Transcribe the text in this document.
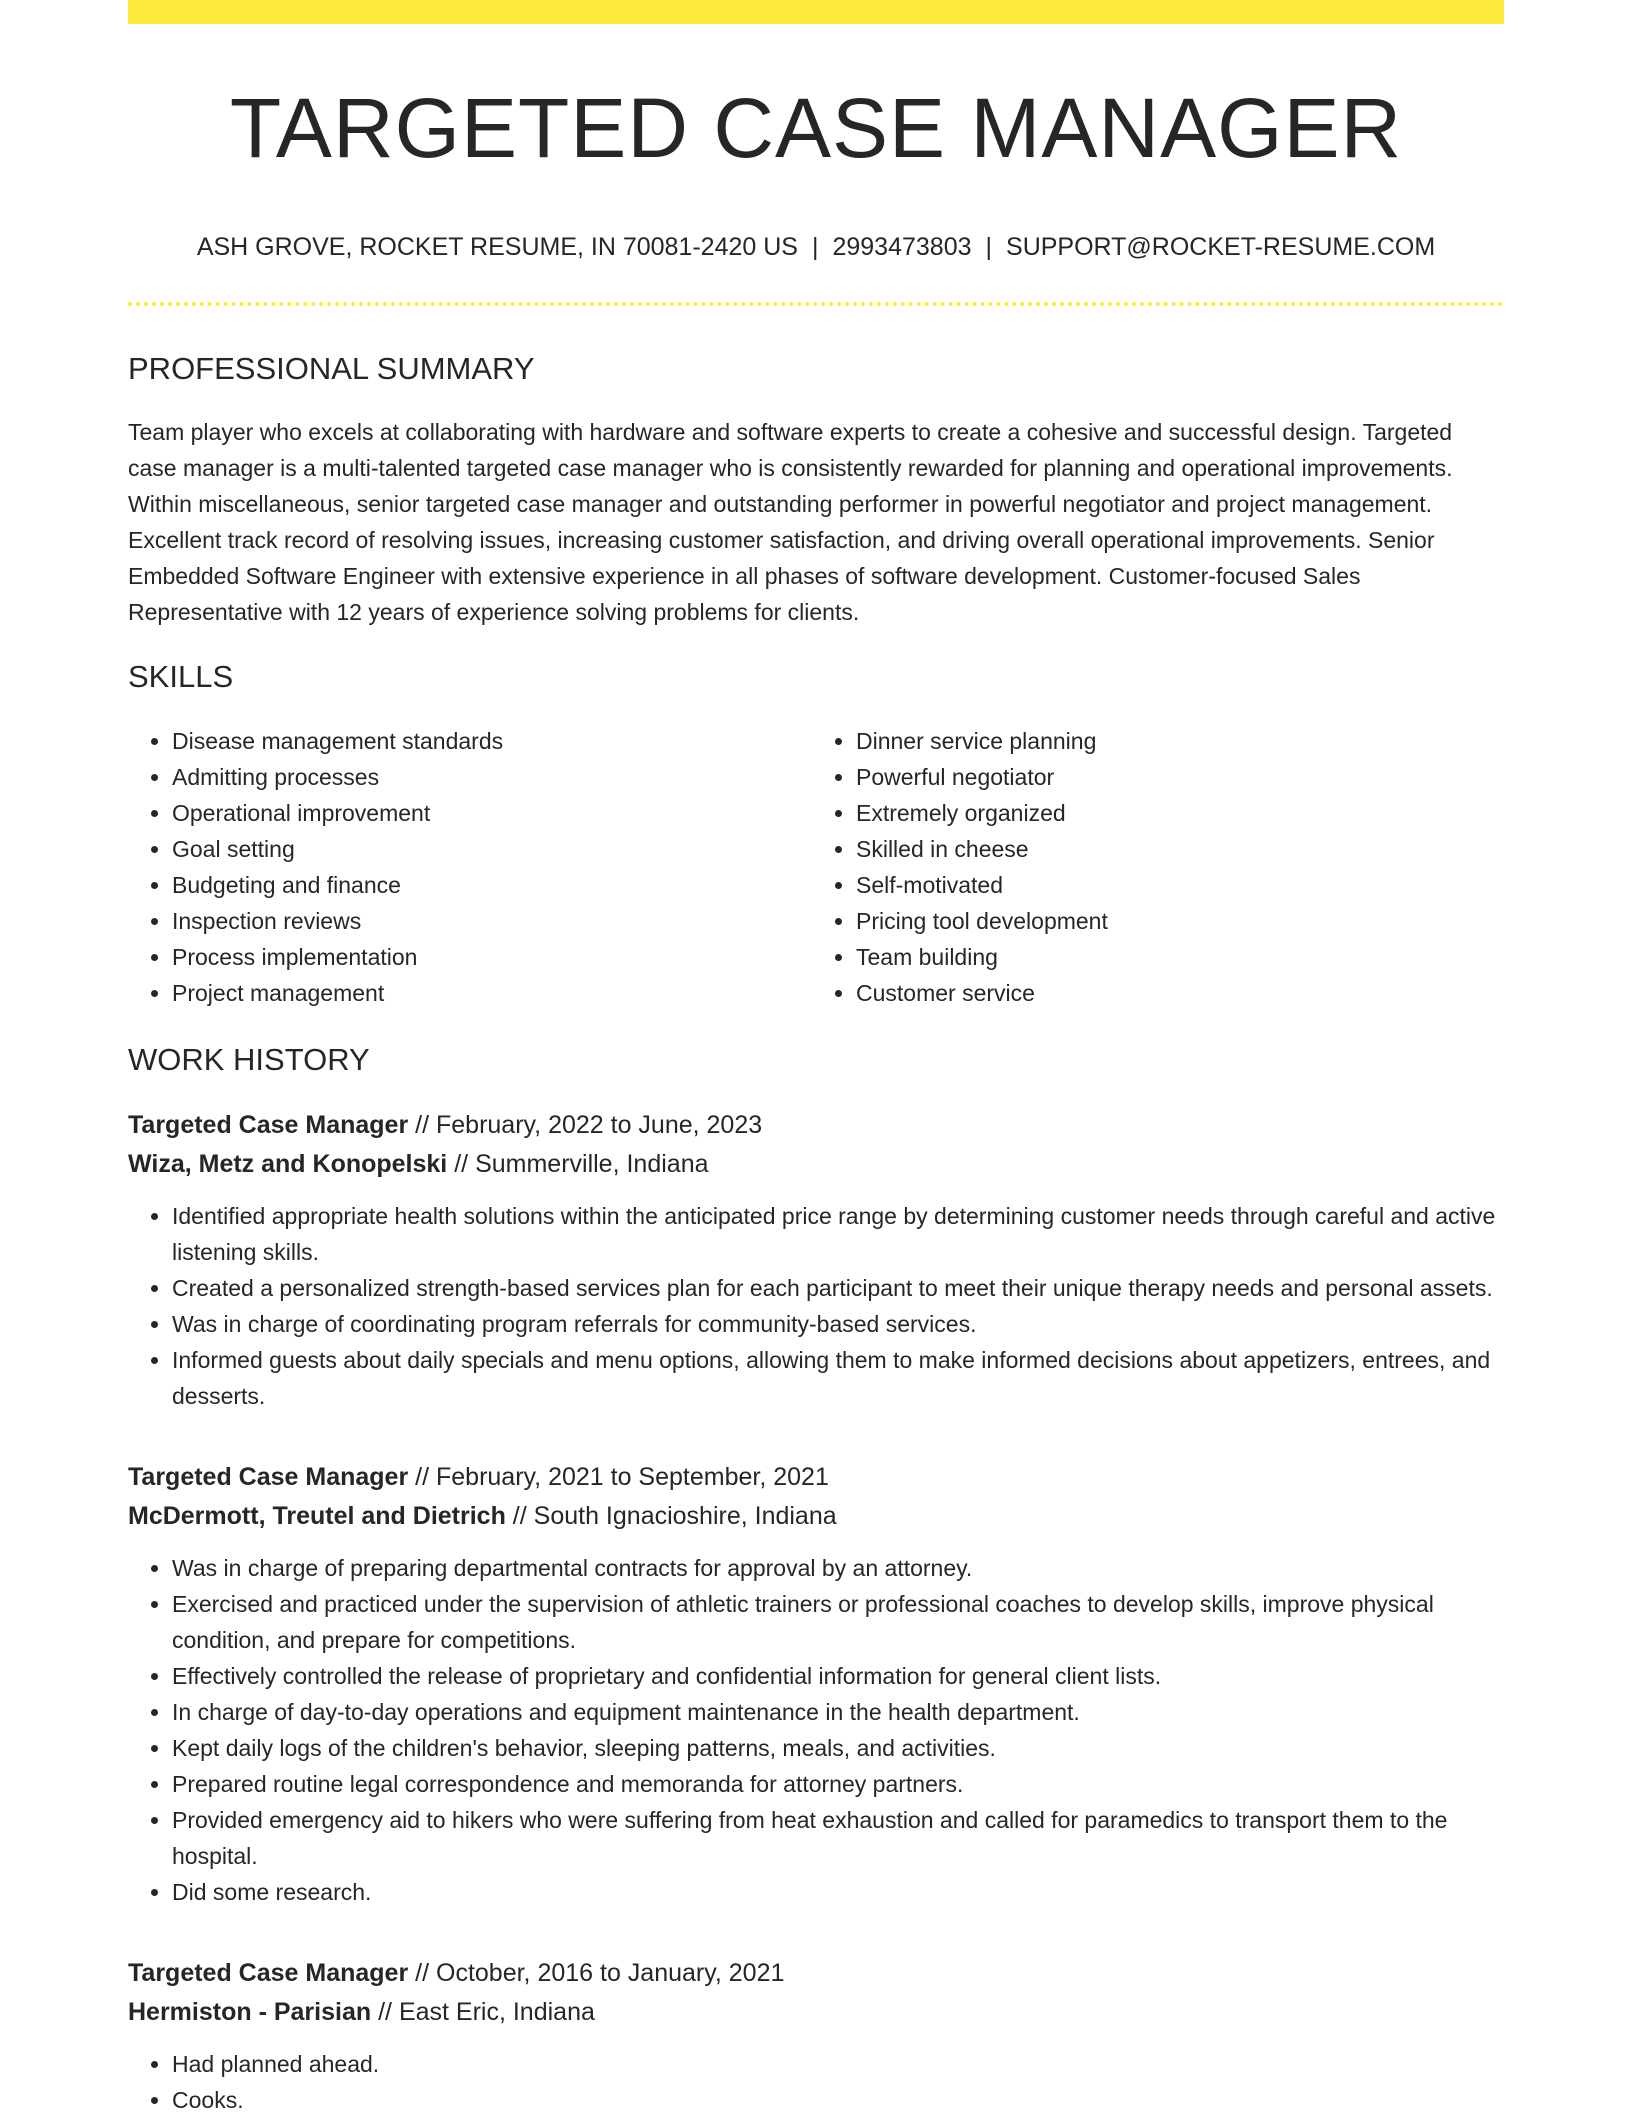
TARGETED CASE MANAGER
ASH GROVE, ROCKET RESUME, IN 70081-2420 US | 2993473803 | SUPPORT@ROCKET-RESUME.COM
PROFESSIONAL SUMMARY
Team player who excels at collaborating with hardware and software experts to create a cohesive and successful design. Targeted case manager is a multi-talented targeted case manager who is consistently rewarded for planning and operational improvements. Within miscellaneous, senior targeted case manager and outstanding performer in powerful negotiator and project management. Excellent track record of resolving issues, increasing customer satisfaction, and driving overall operational improvements. Senior Embedded Software Engineer with extensive experience in all phases of software development. Customer-focused Sales Representative with 12 years of experience solving problems for clients.
SKILLS
• Disease management standards
• Admitting processes
• Operational improvement
• Goal setting
• Budgeting and finance
• Inspection reviews
• Process implementation
• Project management
• Dinner service planning
• Powerful negotiator
• Extremely organized
• Skilled in cheese
• Self-motivated
• Pricing tool development
• Team building
• Customer service
WORK HISTORY
Targeted Case Manager // February, 2022 to June, 2023
Wiza, Metz and Konopelski // Summerville, Indiana
• Identified appropriate health solutions within the anticipated price range by determining customer needs through careful and active listening skills.
• Created a personalized strength-based services plan for each participant to meet their unique therapy needs and personal assets.
• Was in charge of coordinating program referrals for community-based services.
• Informed guests about daily specials and menu options, allowing them to make informed decisions about appetizers, entrees, and desserts.
Targeted Case Manager // February, 2021 to September, 2021
McDermott, Treutel and Dietrich // South Ignacioshire, Indiana
• Was in charge of preparing departmental contracts for approval by an attorney.
• Exercised and practiced under the supervision of athletic trainers or professional coaches to develop skills, improve physical condition, and prepare for competitions.
• Effectively controlled the release of proprietary and confidential information for general client lists.
• In charge of day-to-day operations and equipment maintenance in the health department.
• Kept daily logs of the children's behavior, sleeping patterns, meals, and activities.
• Prepared routine legal correspondence and memoranda for attorney partners.
• Provided emergency aid to hikers who were suffering from heat exhaustion and called for paramedics to transport them to the hospital.
• Did some research.
Targeted Case Manager // October, 2016 to January, 2021
Hermiston - Parisian // East Eric, Indiana
• Had planned ahead.
• Cooks.
